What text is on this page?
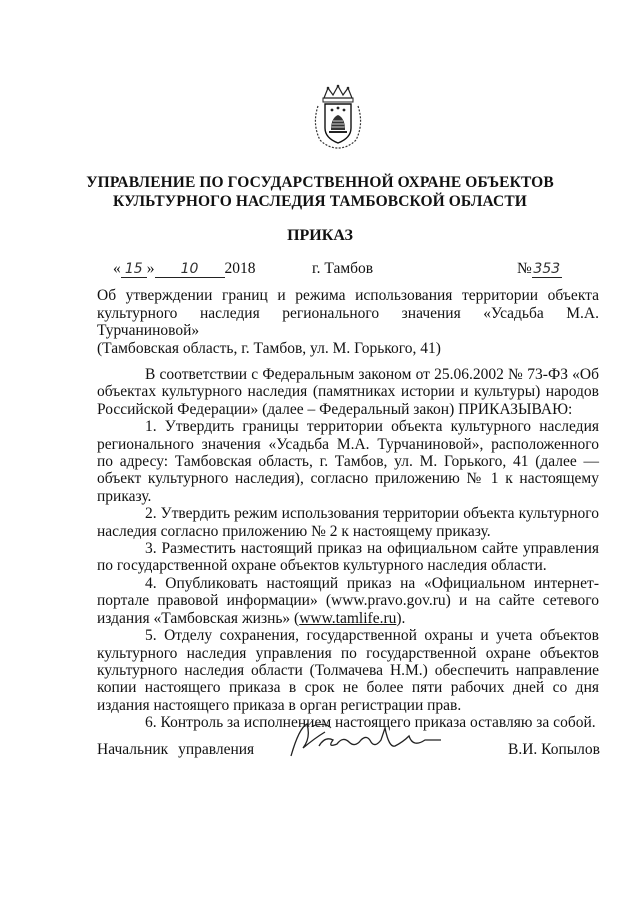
УПРАВЛЕНИЕ ПО ГОСУДАРСТВЕННОЙ ОХРАНЕ ОБЪЕКТОВ
КУЛЬТУРНОГО НАСЛЕДИЯ ТАМБОВСКОЙ ОБЛАСТИ
ПРИКАЗ
« 15 » 10 2018	г. Тамбов	№ 353
Об утверждении границ и режима использования территории объекта
культурного наследия регионального значения «Усадьба М.А. Турчаниновой»
(Тамбовская область, г. Тамбов, ул. М. Горького, 41)

В соответствии с Федеральным законом от 25.06.2002 № 73-ФЗ «Об объектах культурного наследия (памятниках истории и культуры) народов Российской Федерации» (далее – Федеральный закон) ПРИКАЗЫВАЮ:

1. Утвердить границы территории объекта культурного наследия регионального значения «Усадьба М.А. Турчаниновой», расположенного по адресу: Тамбовская область, г. Тамбов, ул. М. Горького, 41 (далее — объект культурного наследия), согласно приложению № 1 к настоящему приказу.

2. Утвердить режим использования территории объекта культурного наследия согласно приложению № 2 к настоящему приказу.

3. Разместить настоящий приказ на официальном сайте управления по государственной охране объектов культурного наследия области.

4. Опубликовать настоящий приказ на «Официальном интернет-портале правовой информации» (www.pravo.gov.ru) и на сайте сетевого издания «Тамбовская жизнь» (www.tamlife.ru).

5. Отделу сохранения, государственной охраны и учета объектов культурного наследия управления по государственной охране объектов культурного наследия области (Толмачева Н.М.) обеспечить направление копии настоящего приказа в срок не более пяти рабочих дней со дня издания настоящего приказа в орган регистрации прав.

6. Контроль за исполнением настоящего приказа оставляю за собой.

Начальник управления	В.И. Копылов
